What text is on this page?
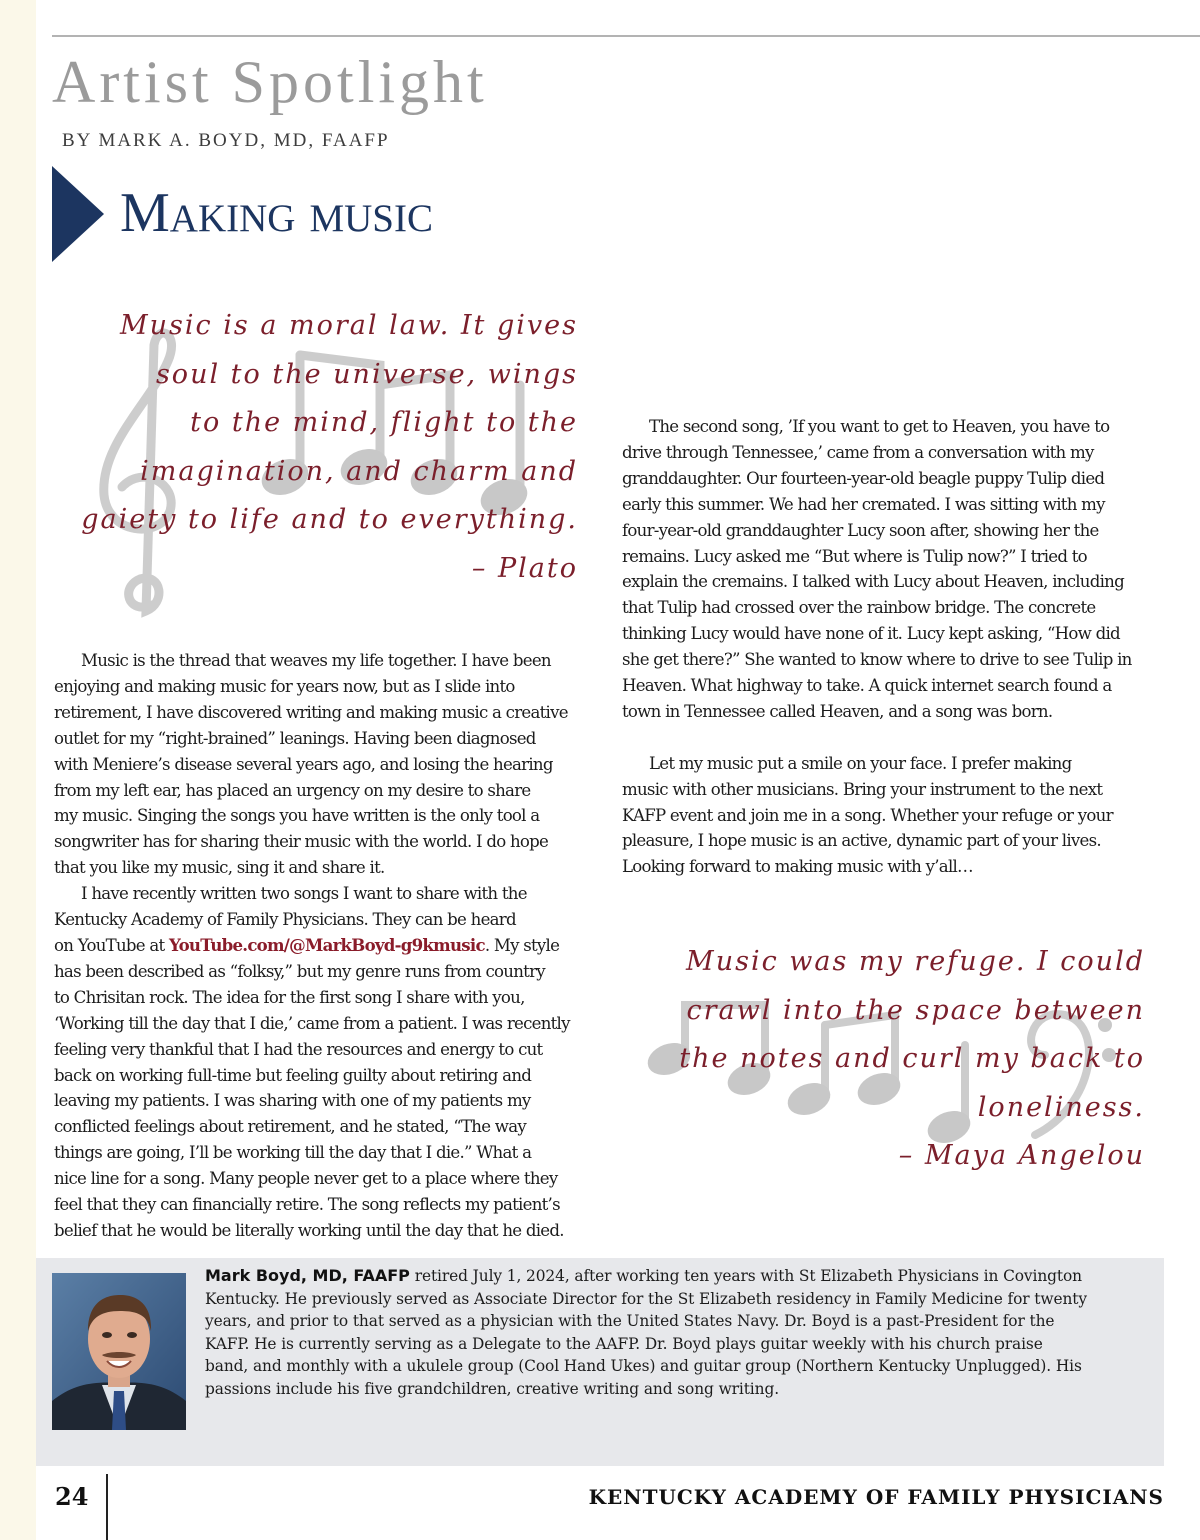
Artist Spotlight
BY MARK A. BOYD, MD, FAAFP
Making music
Music is a moral law. It gives
soul to the universe, wings
to the mind, flight to the
imagination, and charm and
gaiety to life and to everything.
– Plato
Music is the thread that weaves my life together. I have been
enjoying and making music for years now, but as I slide into
retirement, I have discovered writing and making music a creative
outlet for my “right-brained” leanings. Having been diagnosed
with Meniere’s disease several years ago, and losing the hearing
from my left ear, has placed an urgency on my desire to share
my music. Singing the songs you have written is the only tool a
songwriter has for sharing their music with the world. I do hope
that you like my music, sing it and share it.
I have recently written two songs I want to share with the
Kentucky Academy of Family Physicians. They can be heard
on YouTube at YouTube.com/@MarkBoyd-g9kmusic. My style
has been described as “folksy,” but my genre runs from country
to Chrisitan rock. The idea for the first song I share with you,
‘Working till the day that I die,’ came from a patient. I was recently
feeling very thankful that I had the resources and energy to cut
back on working full-time but feeling guilty about retiring and
leaving my patients. I was sharing with one of my patients my
conflicted feelings about retirement, and he stated, “The way
things are going, I’ll be working till the day that I die.” What a
nice line for a song. Many people never get to a place where they
feel that they can financially retire. The song reflects my patient’s
belief that he would be literally working until the day that he died.
The second song, ’If you want to get to Heaven, you have to
drive through Tennessee,’ came from a conversation with my
granddaughter. Our fourteen-year-old beagle puppy Tulip died
early this summer. We had her cremated. I was sitting with my
four-year-old granddaughter Lucy soon after, showing her the
remains. Lucy asked me “But where is Tulip now?” I tried to
explain the cremains. I talked with Lucy about Heaven, including
that Tulip had crossed over the rainbow bridge. The concrete
thinking Lucy would have none of it. Lucy kept asking, “How did
she get there?” She wanted to know where to drive to see Tulip in
Heaven. What highway to take. A quick internet search found a
town in Tennessee called Heaven, and a song was born.
Let my music put a smile on your face. I prefer making
music with other musicians. Bring your instrument to the next
KAFP event and join me in a song. Whether your refuge or your
pleasure, I hope music is an active, dynamic part of your lives.
Looking forward to making music with y’all…
Music was my refuge. I could
crawl into the space between
the notes and curl my back to
loneliness.
– Maya Angelou
Mark Boyd, MD, FAAFP retired July 1, 2024, after working ten years with St Elizabeth Physicians in Covington
Kentucky. He previously served as Associate Director for the St Elizabeth residency in Family Medicine for twenty
years, and prior to that served as a physician with the United States Navy. Dr. Boyd is a past-President for the
KAFP. He is currently serving as a Delegate to the AAFP. Dr. Boyd plays guitar weekly with his church praise
band, and monthly with a ukulele group (Cool Hand Ukes) and guitar group (Northern Kentucky Unplugged). His
passions include his five grandchildren, creative writing and song writing.
24	KENTUCKY ACADEMY OF FAMILY PHYSICIANS
